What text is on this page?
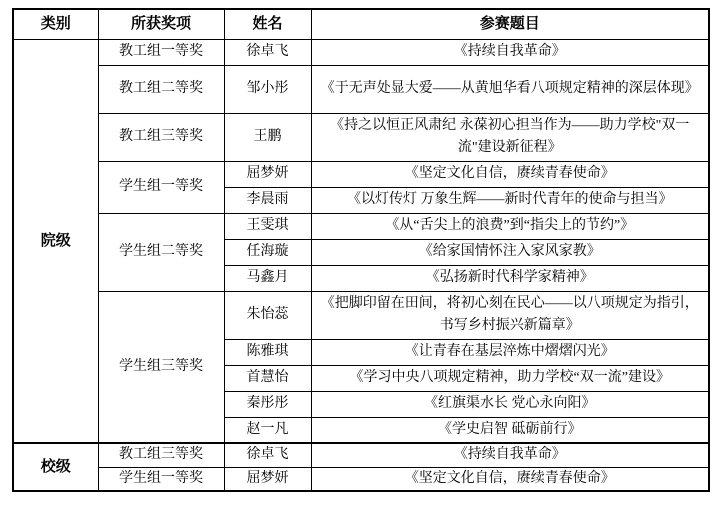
类别	所获奖项	姓名	参赛题目
院级	教工组一等奖	徐卓飞	《持续自我革命》
	教工组二等奖	邹小彤	《于无声处显大爱——从黄旭华看八项规定精神的深层体现》
	教工组三等奖	王鹏	《持之以恒正风肃纪 永葆初心担当作为——助力学校"双一流"建设新征程》
	学生组一等奖	屈梦妍	《坚定文化自信，赓续青春使命》
		李晨雨	《以灯传灯 万象生辉——新时代青年的使命与担当》
	学生组二等奖	王雯琪	《从“舌尖上的浪费”到“指尖上的节约”》
		任海璇	《给家国情怀注入家风家教》
		马鑫月	《弘扬新时代科学家精神》
	学生组三等奖	朱怡蕊	《把脚印留在田间，将初心刻在民心——以八项规定为指引，书写乡村振兴新篇章》
		陈雅琪	《让青春在基层淬炼中熠熠闪光》
		首慧怡	《学习中央八项规定精神，助力学校“双一流”建设》
		秦彤彤	《红旗渠水长 党心永向阳》
		赵一凡	《学史启智 砥砺前行》
校级	教工组三等奖	徐卓飞	《持续自我革命》
	学生组一等奖	屈梦妍	《坚定文化自信，赓续青春使命》
